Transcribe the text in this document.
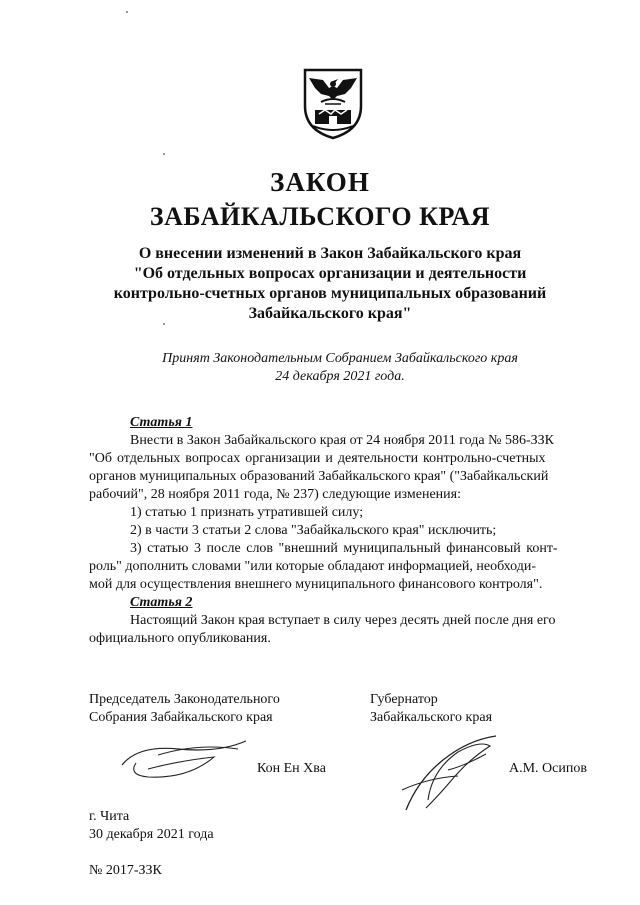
ЗАКОН
ЗАБАЙКАЛЬСКОГО КРАЯ
О внесении изменений в Закон Забайкальского края
"Об отдельных вопросах организации и деятельности
контрольно-счетных органов муниципальных образований
Забайкальского края"
Принят Законодательным Собранием Забайкальского края
24 декабря 2021 года.
Статья 1
Внести в Закон Забайкальского края от 24 ноября 2011 года № 586-ЗЗК
"Об отдельных вопросах организации и деятельности контрольно-счетных
органов муниципальных образований Забайкальского края" ("Забайкальский
рабочий", 28 ноября 2011 года, № 237) следующие изменения:
1) статью 1 признать утратившей силу;
2) в части 3 статьи 2 слова "Забайкальского края" исключить;
3) статью 3 после слов "внешний муниципальный финансовый конт-
роль" дополнить словами "или которые обладают информацией, необходи-
мой для осуществления внешнего муниципального финансового контроля".
Статья 2
Настоящий Закон края вступает в силу через десять дней после дня его
официального опубликования.
Председатель Законодательного
Собрания Забайкальского края
Губернатор
Забайкальского края
Кон Ен Хва	А.М. Осипов
г. Чита
30 декабря 2021 года
№ 2017-ЗЗК
